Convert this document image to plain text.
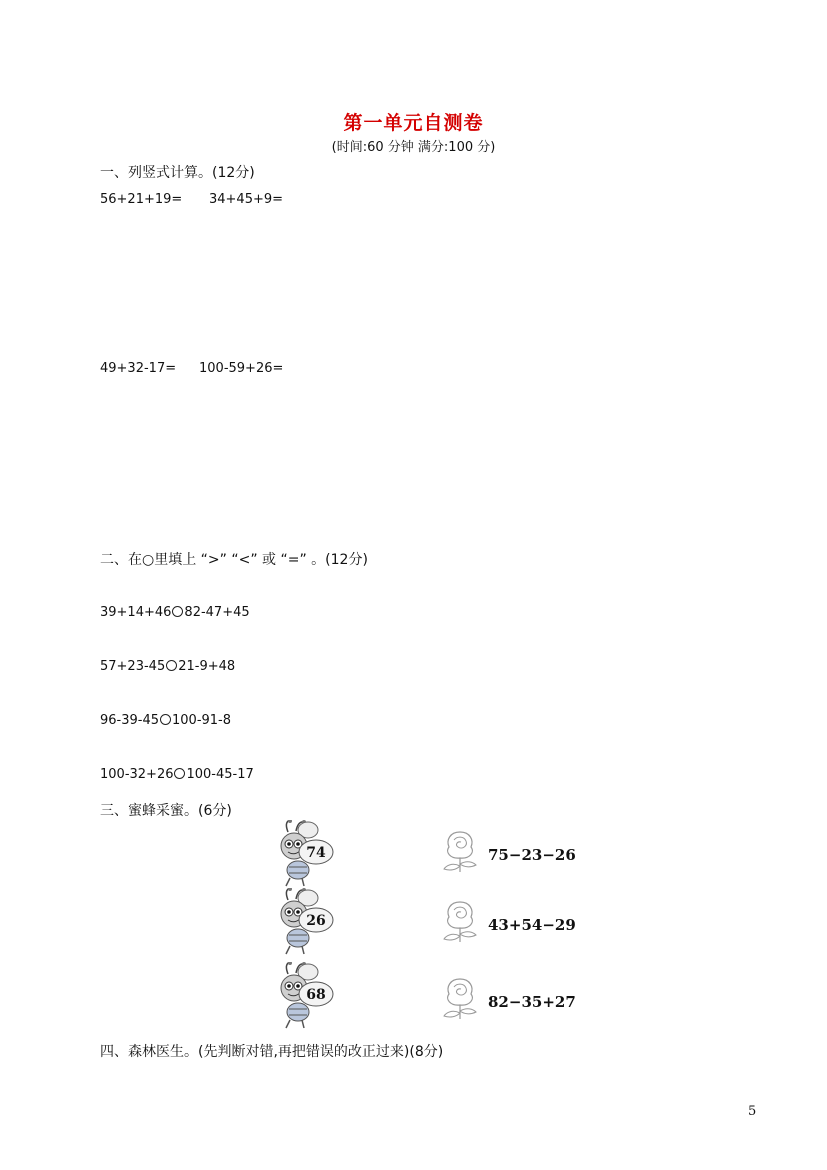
第一单元自测卷
(时间:60 分钟 满分:100 分)
一、列竖式计算。(12分)
56+21+19= 34+45+9=
49+32-17= 100-59+26=
二、在○里填上 “>” “<” 或 “=” 。(12分)
39+14+46 82-47+45
57+23-45 21-9+48
96-39-45 100-91-8
100-32+26 100-45-17
三、蜜蜂采蜜。(6分)
74
26
68
75−23−26
43+54−29
82−35+27
四、森林医生。(先判断对错,再把错误的改正过来)(8分)
5
